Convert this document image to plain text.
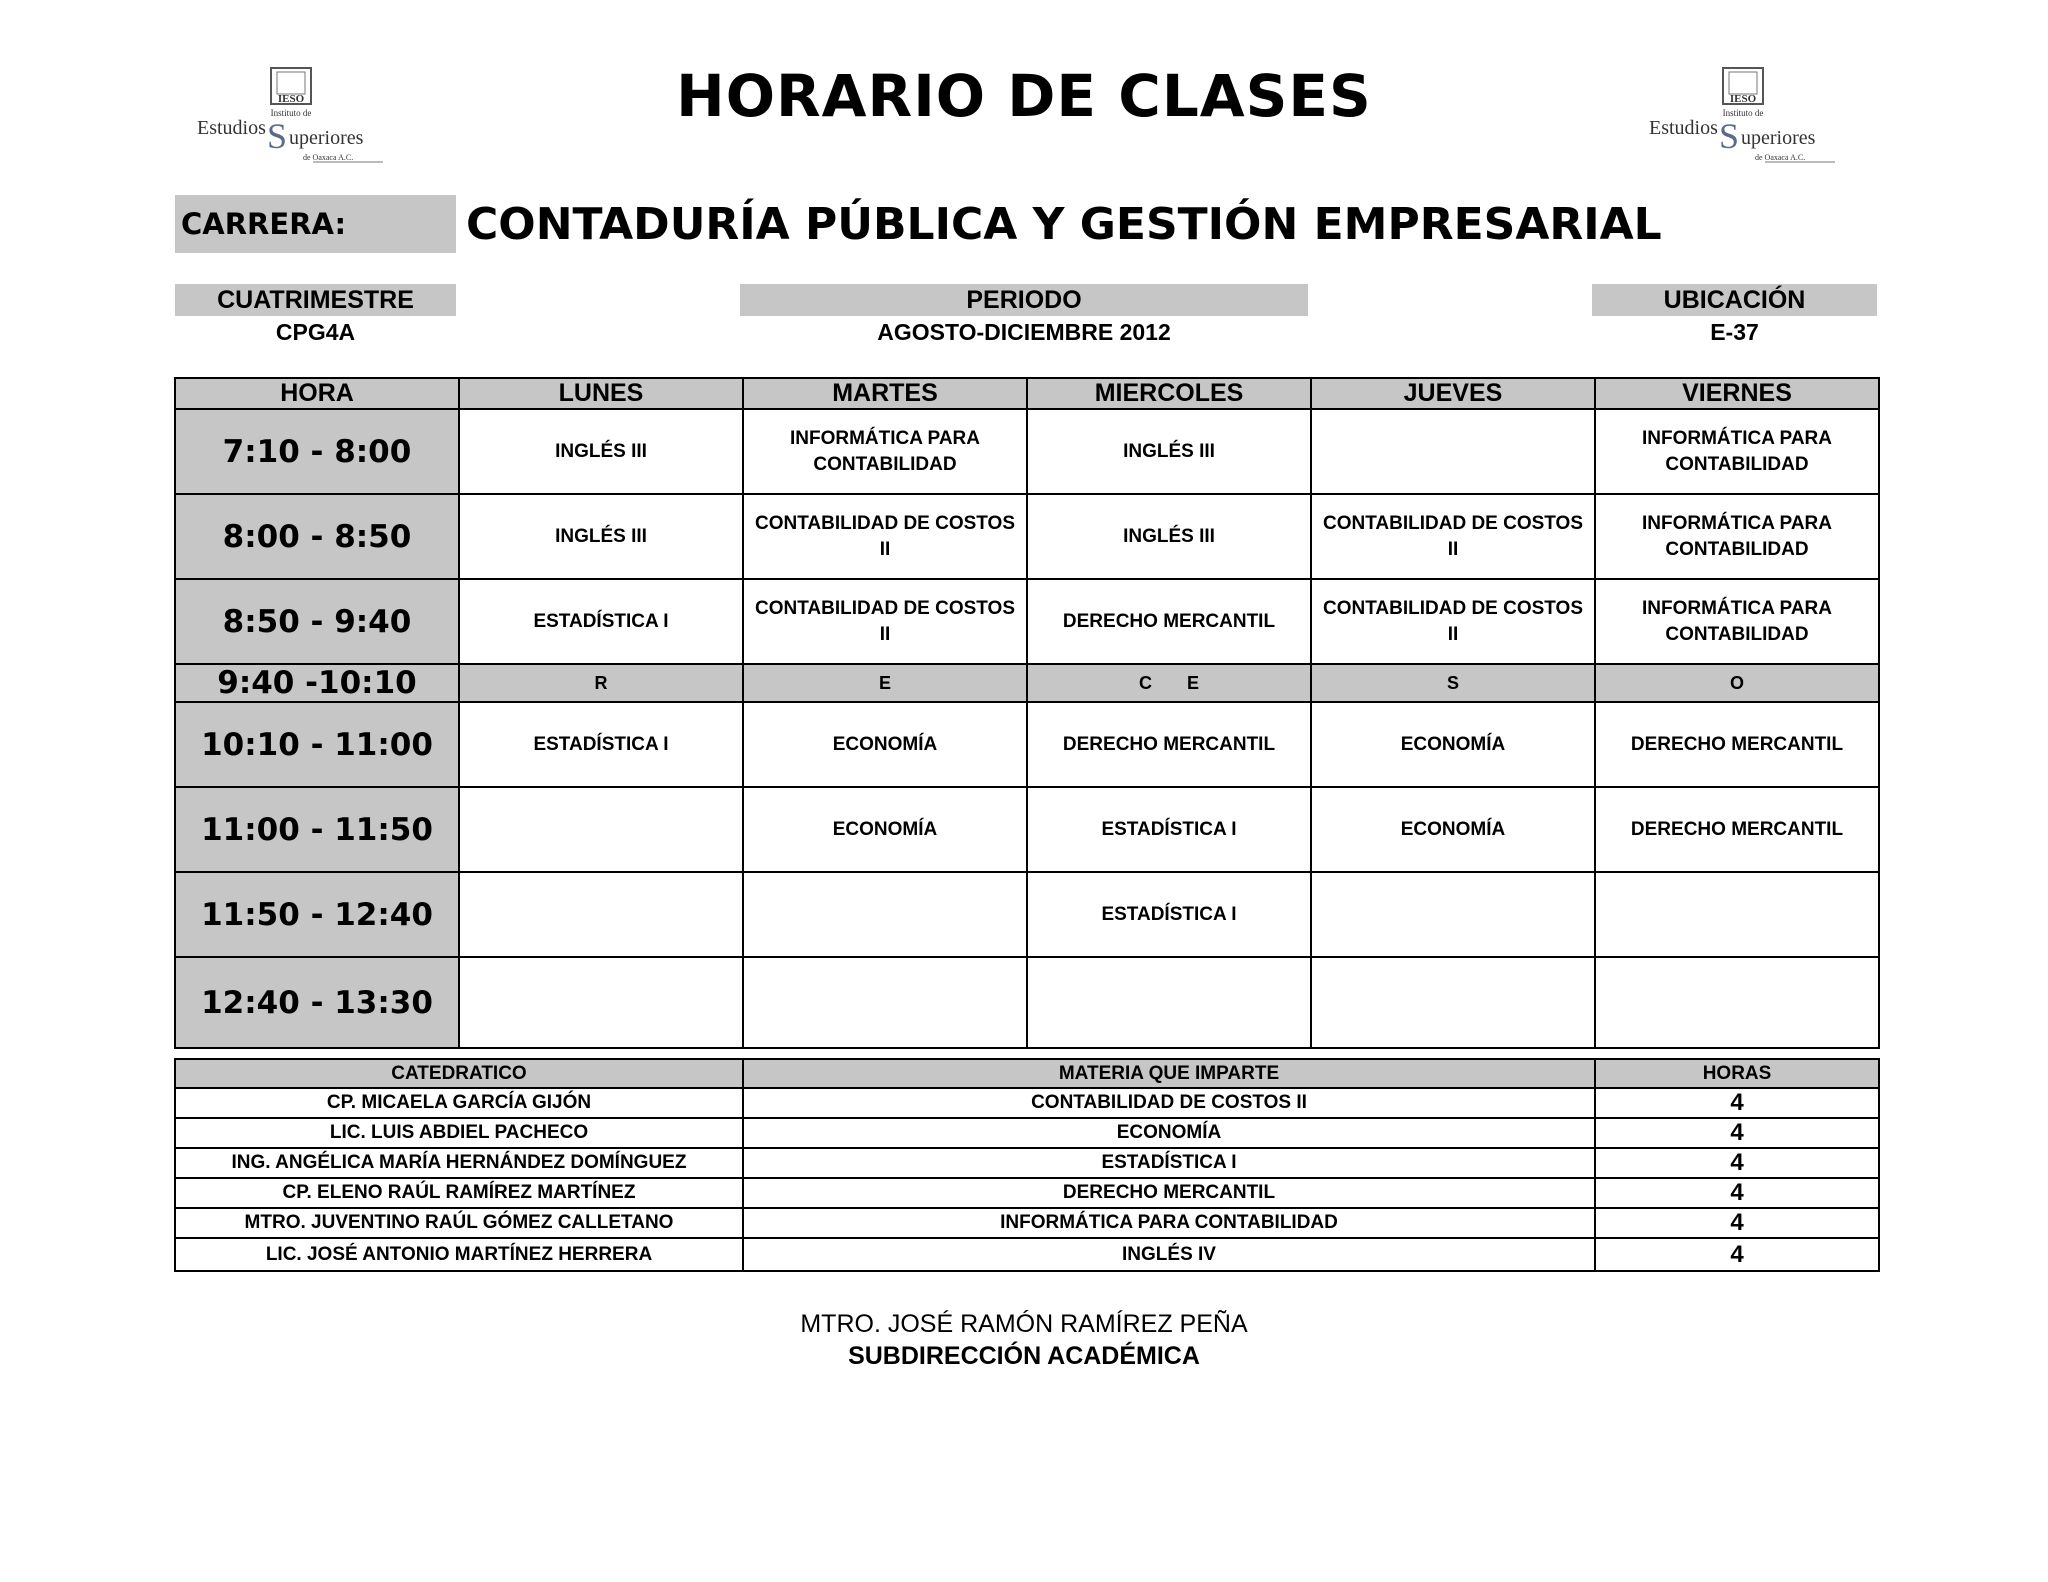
IESO
Instituto de
Estudios S uperiores
de Oaxaca A.C.
IESO
Instituto de
Estudios S uperiores
de Oaxaca A.C.
HORARIO DE CLASES
CARRERA:	CONTADURÍA PÚBLICA Y GESTIÓN EMPRESARIAL
CUATRIMESTRE
CPG4A
PERIODO
AGOSTO-DICIEMBRE 2012
UBICACIÓN
E-37
HORA	LUNES	MARTES	MIERCOLES	JUEVES	VIERNES
7:10 - 8:00	INGLÉS III	INFORMÁTICA PARA CONTABILIDAD	INGLÉS III		INFORMÁTICA PARA CONTABILIDAD
8:00 - 8:50	INGLÉS III	CONTABILIDAD DE COSTOS II	INGLÉS III	CONTABILIDAD DE COSTOS II	INFORMÁTICA PARA CONTABILIDAD
8:50 - 9:40	ESTADÍSTICA I	CONTABILIDAD DE COSTOS II	DERECHO MERCANTIL	CONTABILIDAD DE COSTOS II	INFORMÁTICA PARA CONTABILIDAD
9:40 -10:10	R	E	C       E	S	O
10:10 - 11:00	ESTADÍSTICA I	ECONOMÍA	DERECHO MERCANTIL	ECONOMÍA	DERECHO MERCANTIL
11:00 - 11:50		ECONOMÍA	ESTADÍSTICA I	ECONOMÍA	DERECHO MERCANTIL
11:50 - 12:40			ESTADÍSTICA I		
12:40 - 13:30					
CATEDRATICO	MATERIA QUE IMPARTE	HORAS
CP. MICAELA GARCÍA GIJÓN	CONTABILIDAD DE COSTOS II	4
LIC. LUIS ABDIEL PACHECO	ECONOMÍA	4
ING. ANGÉLICA MARÍA HERNÁNDEZ DOMÍNGUEZ	ESTADÍSTICA I	4
CP. ELENO RAÚL RAMÍREZ MARTÍNEZ	DERECHO MERCANTIL	4
MTRO. JUVENTINO RAÚL GÓMEZ CALLETANO	INFORMÁTICA PARA CONTABILIDAD	4
LIC. JOSÉ ANTONIO MARTÍNEZ HERRERA	INGLÉS IV	4
MTRO. JOSÉ RAMÓN RAMÍREZ PEÑA
SUBDIRECCIÓN ACADÉMICA
